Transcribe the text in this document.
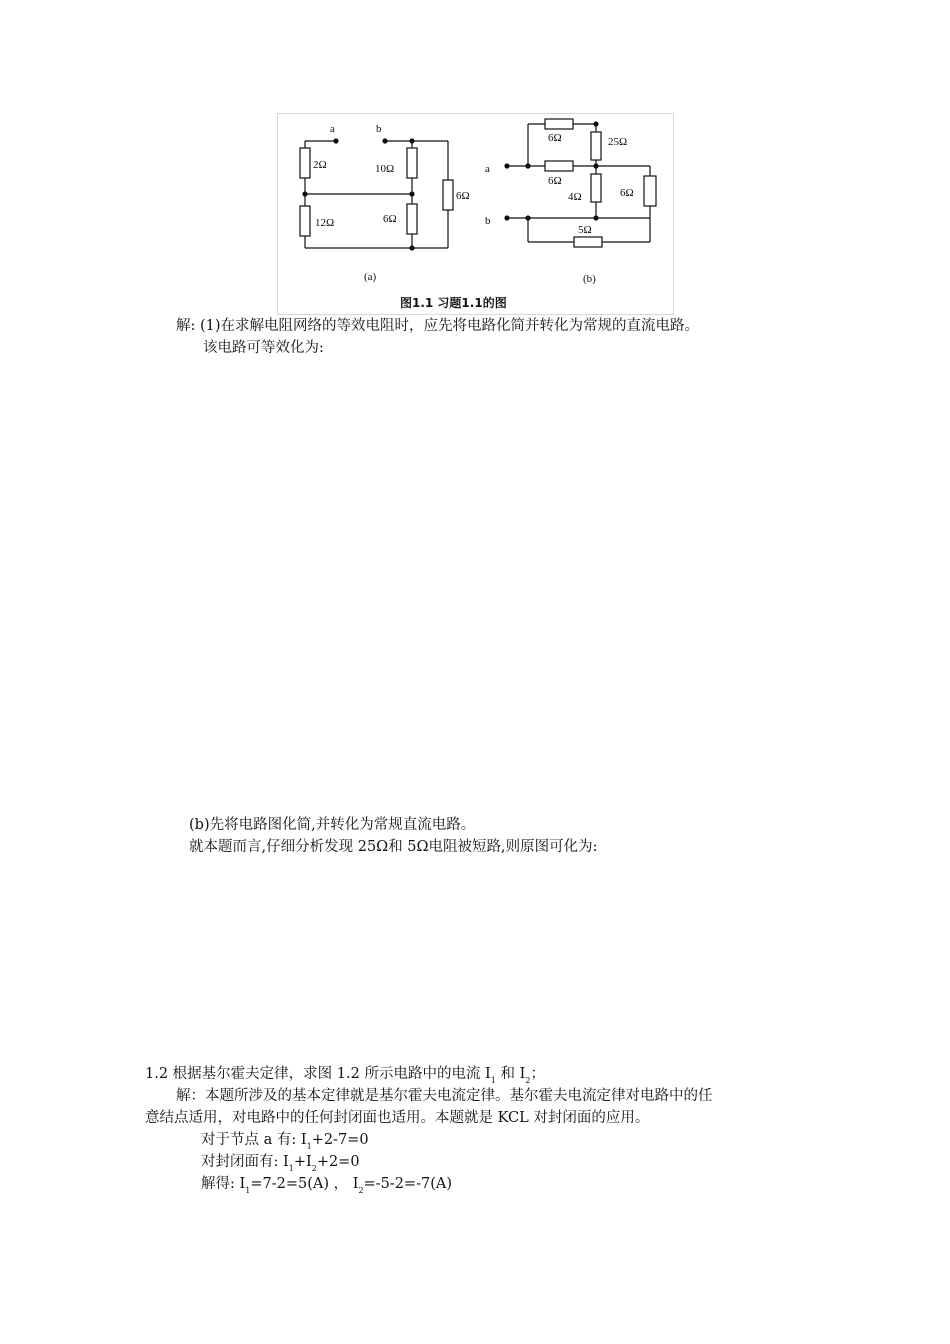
a	b
2Ω
12Ω
10Ω
6Ω
6Ω
(a)
6Ω	25Ω
a
6Ω
4Ω	6Ω
b
5Ω
(b)
图1.1 习题1.1的图
解: (1)在求解电阻网络的等效电阻时，应先将电路化简并转化为常规的直流电路。
该电路可等效化为:
(b)先将电路图化简,并转化为常规直流电路。
就本题而言,仔细分析发现 25Ω和 5Ω电阻被短路,则原图可化为:
1.2 根据基尔霍夫定律，求图 1.2 所示电路中的电流 $I_1$ 和 $I_2$；
解：本题所涉及的基本定律就是基尔霍夫电流定律。基尔霍夫电流定律对电路中的任
意结点适用，对电路中的任何封闭面也适用。本题就是 KCL 对封闭面的应用。
对于节点 a 有: $I_1+2-7=0$
对封闭面有: $I_1+I_2+2=0$
解得: $I_1=7-2=5(A)$ ， $I_2=-5-2=-7(A)$
